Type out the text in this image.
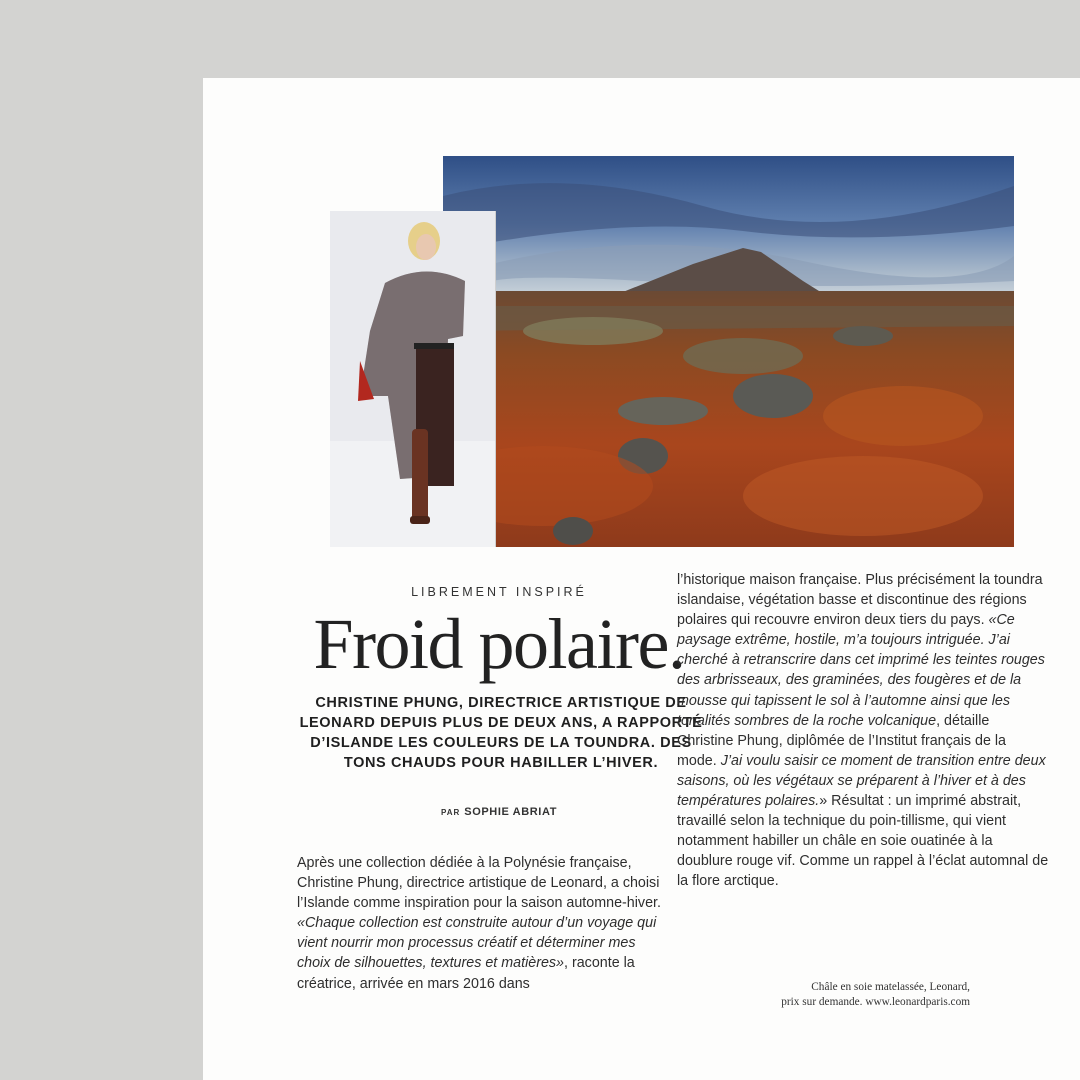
LIBREMENT INSPIRÉ
Froid polaire.
CHRISTINE PHUNG, DIRECTRICE ARTISTIQUE DE LEONARD DEPUIS PLUS DE DEUX ANS, A RAPPORTÉ D’ISLANDE LES COULEURS DE LA TOUNDRA. DES TONS CHAUDS POUR HABILLER L’HIVER.
PAR SOPHIE ABRIAT

Après une collection dédiée à la Polynésie française, Christine Phung, directrice artistique de Leonard, a choisi l’Islande comme inspiration pour la saison automne-hiver. «Chaque collection est construite autour d’un voyage qui vient nourrir mon processus créatif et déterminer mes choix de silhouettes, textures et matières», raconte la créatrice, arrivée en mars 2016 dans

l’historique maison française. Plus précisément la toundra islandaise, végétation basse et discontinue des régions polaires qui recouvre environ deux tiers du pays. «Ce paysage extrême, hostile, m’a toujours intriguée. J’ai cherché à retranscrire dans cet imprimé les teintes rouges des arbrisseaux, des graminées, des fougères et de la mousse qui tapissent le sol à l’automne ainsi que les tonalités sombres de la roche volcanique, détaille Christine Phung, diplômée de l’Institut français de la mode. J’ai voulu saisir ce moment de transition entre deux saisons, où les végétaux se préparent à l’hiver et à des températures polaires.» Résultat : un imprimé abstrait, travaillé selon la technique du poin-tillisme, qui vient notamment habiller un châle en soie ouatinée à la doublure rouge vif. Comme un rappel à l’éclat automnal de la flore arctique.

Châle en soie matelassée, Leonard,
prix sur demande. www.leonardparis.com
